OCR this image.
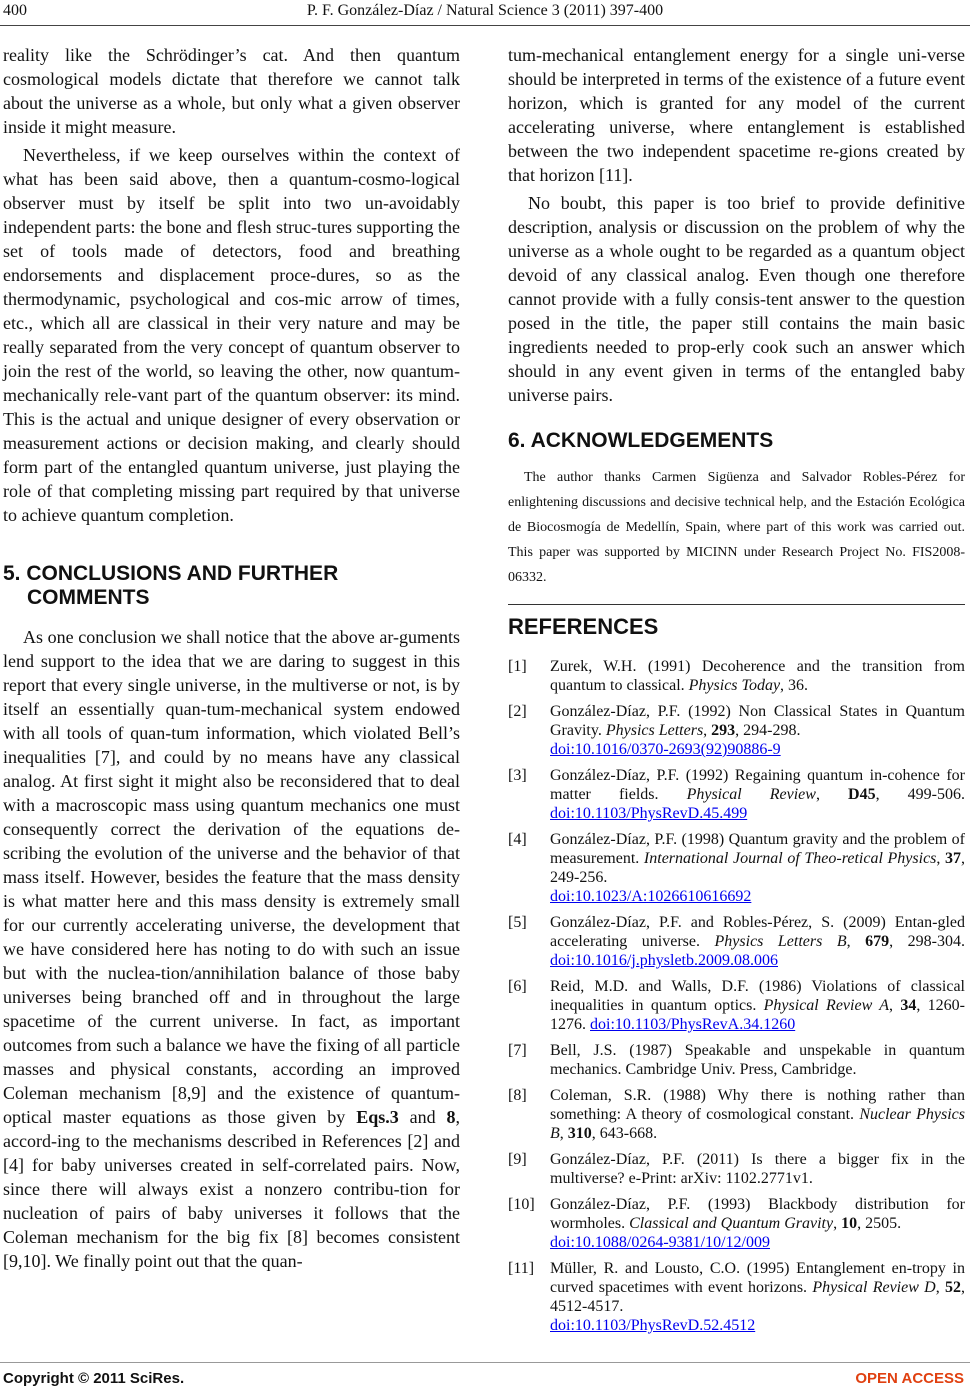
400	P. F. González-Díaz / Natural Science 3 (2011) 397-400

reality like the Schrödinger’s cat. And then quantum cosmological models dictate that therefore we cannot talk about the universe as a whole, but only what a given observer inside it might measure.

Nevertheless, if we keep ourselves within the context of what has been said above, then a quantum-cosmo-logical observer must by itself be split into two un-avoidably independent parts: the bone and flesh struc-tures supporting the set of tools made of detectors, food and breathing endorsements and displacement proce-dures, so as the thermodynamic, psychological and cos-mic arrow of times, etc., which all are classical in their very nature and may be really separated from the very concept of quantum observer to join the rest of the world, so leaving the other, now quantum-mechanically rele-vant part of the quantum observer: its mind. This is the actual and unique designer of every observation or measurement actions or decision making, and clearly should form part of the entangled quantum universe, just playing the role of that completing missing part required by that universe to achieve quantum completion.

5. CONCLUSIONS AND FURTHER
COMMENTS

As one conclusion we shall notice that the above ar-guments lend support to the idea that we are daring to suggest in this report that every single universe, in the multiverse or not, is by itself an essentially quan-tum-mechanical system endowed with all tools of quan-tum information, which violated Bell’s inequalities [7], and could by no means have any classical analog. At first sight it might also be reconsidered that to deal with a macroscopic mass using quantum mechanics one must consequently correct the derivation of the equations de-scribing the evolution of the universe and the behavior of that mass itself. However, besides the feature that the mass density is what matter here and this mass density is extremely small for our currently accelerating universe, the development that we have considered here has noting to do with such an issue but with the nuclea-tion/annihilation balance of those baby universes being branched off and in throughout the large spacetime of the current universe. In fact, as important outcomes from such a balance we have the fixing of all particle masses and physical constants, according an improved Coleman mechanism [8,9] and the existence of quantum-optical master equations as those given by Eqs.3 and 8, accord-ing to the mechanisms described in References [2] and [4] for baby universes created in self-correlated pairs. Now, since there will always exist a nonzero contribu-tion for nucleation of pairs of baby universes it follows that the Coleman mechanism for the big fix [8] becomes consistent [9,10]. We finally point out that the quan-

tum-mechanical entanglement energy for a single uni-verse should be interpreted in terms of the existence of a future event horizon, which is granted for any model of the current accelerating universe, where entanglement is established between the two independent spacetime re-gions created by that horizon [11].

No boubt, this paper is too brief to provide definitive description, analysis or discussion on the problem of why the universe as a whole ought to be regarded as a quantum object devoid of any classical analog. Even though one therefore cannot provide with a fully consis-tent answer to the question posed in the title, the paper still contains the main basic ingredients needed to prop-erly cook such an answer which should in any event given in terms of the entangled baby universe pairs.

6. ACKNOWLEDGEMENTS

The author thanks Carmen Sigüenza and Salvador Robles-Pérez for enlightening discussions and decisive technical help, and the Estación Ecológica de Biocosmogía de Medellín, Spain, where part of this work was carried out. This paper was supported by MICINN under Research Project No. FIS2008-06332.

REFERENCES
[1] Zurek, W.H. (1991) Decoherence and the transition from quantum to classical. Physics Today, 36.
[2] González-Díaz, P.F. (1992) Non Classical States in Quantum Gravity. Physics Letters, 293, 294-298.
doi:10.1016/0370-2693(92)90886-9
[3] González-Díaz, P.F. (1992) Regaining quantum in-cohence for matter fields. Physical Review, D45, 499-506. doi:10.1103/PhysRevD.45.499
[4] González-Díaz, P.F. (1998) Quantum gravity and the problem of measurement. International Journal of Theo-retical Physics, 37, 249-256.
doi:10.1023/A:1026610616692
[5] González-Díaz, P.F. and Robles-Pérez, S. (2009) Entan-gled accelerating universe. Physics Letters B, 679, 298-304. doi:10.1016/j.physletb.2009.08.006
[6] Reid, M.D. and Walls, D.F. (1986) Violations of classical inequalities in quantum optics. Physical Review A, 34, 1260-1276. doi:10.1103/PhysRevA.34.1260
[7] Bell, J.S. (1987) Speakable and unspekable in quantum mechanics. Cambridge Univ. Press, Cambridge.
[8] Coleman, S.R. (1988) Why there is nothing rather than something: A theory of cosmological constant. Nuclear Physics B, 310, 643-668.
[9] González-Díaz, P.F. (2011) Is there a bigger fix in the multiverse? e-Print: arXiv: 1102.2771v1.
[10] González-Díaz, P.F. (1993) Blackbody distribution for wormholes. Classical and Quantum Gravity, 10, 2505.
doi:10.1088/0264-9381/10/12/009
[11] Müller, R. and Lousto, C.O. (1995) Entanglement en-tropy in curved spacetimes with event horizons. Physical Review D, 52, 4512-4517.
doi:10.1103/PhysRevD.52.4512
Copyright © 2011 SciRes.	OPEN ACCESS
